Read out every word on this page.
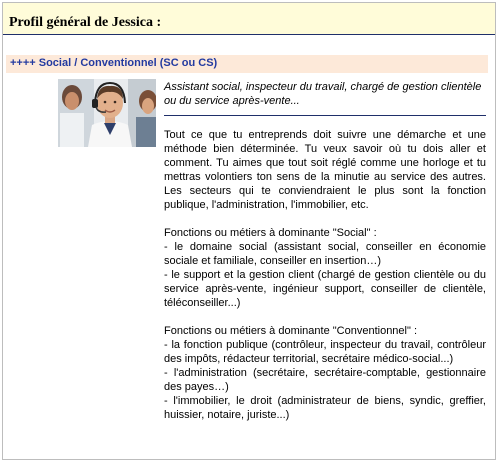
Profil général de Jessica :
++++ Social / Conventionnel (SC ou CS)

Assistant social, inspecteur du travail, chargé de gestion clientèle ou du service après-vente...

Tout ce que tu entreprends doit suivre une démarche et une méthode bien déterminée. Tu veux savoir où tu dois aller et comment. Tu aimes que tout soit réglé comme une horloge et tu mettras volontiers ton sens de la minutie au service des autres. Les secteurs qui te conviendraient le plus sont la fonction publique, l'administration, l'immobilier, etc.

Fonctions ou métiers à dominante "Social" :

- le domaine social (assistant social, conseiller en économie sociale et familiale, conseiller en insertion…)

- le support et la gestion client (chargé de gestion clientèle ou du service après-vente, ingénieur support, conseiller de clientèle, téléconseiller...)

Fonctions ou métiers à dominante "Conventionnel" :

- la fonction publique (contrôleur, inspecteur du travail, contrôleur des impôts, rédacteur territorial, secrétaire médico-social...)

- l'administration (secrétaire, secrétaire-comptable, gestionnaire des payes…)

- l'immobilier, le droit (administrateur de biens, syndic, greffier, huissier, notaire, juriste...)
